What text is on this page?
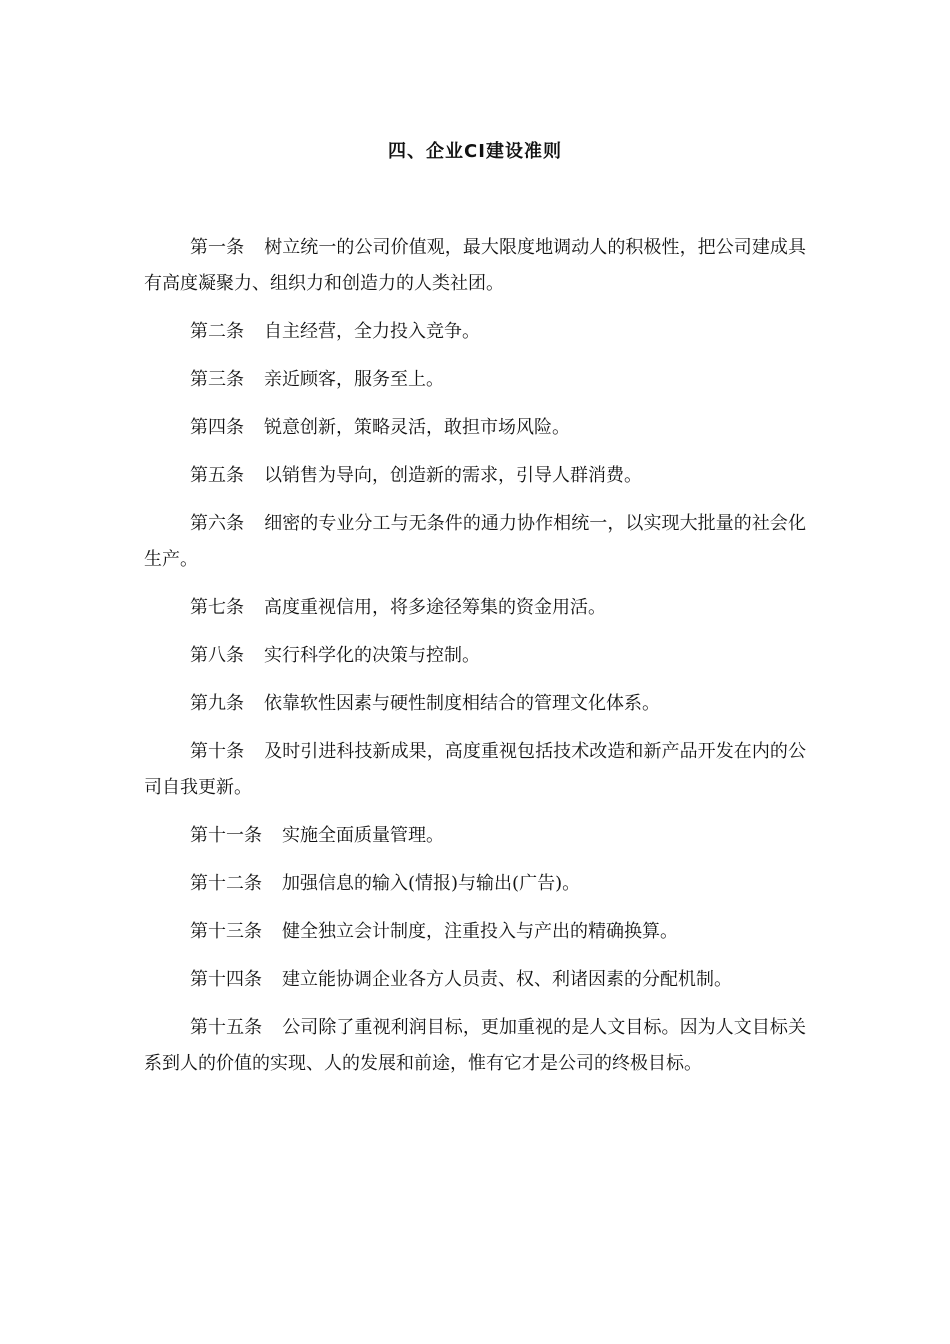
四、企业CI建设准则

第一条 树立统一的公司价值观，最大限度地调动人的积极性，把公司建成具有高度凝聚力、组织力和创造力的人类社团。

第二条 自主经营，全力投入竞争。

第三条 亲近顾客，服务至上。

第四条 锐意创新，策略灵活，敢担市场风险。

第五条 以销售为导向，创造新的需求，引导人群消费。

第六条 细密的专业分工与无条件的通力协作相统一，以实现大批量的社会化生产。

第七条 高度重视信用，将多途径筹集的资金用活。

第八条 实行科学化的决策与控制。

第九条 依靠软性因素与硬性制度相结合的管理文化体系。

第十条 及时引进科技新成果，高度重视包括技术改造和新产品开发在内的公司自我更新。

第十一条 实施全面质量管理。

第十二条 加强信息的输入(情报)与输出(广告)。

第十三条 健全独立会计制度，注重投入与产出的精确换算。

第十四条 建立能协调企业各方人员责、权、利诸因素的分配机制。

第十五条 公司除了重视利润目标，更加重视的是人文目标。因为人文目标关系到人的价值的实现、人的发展和前途，惟有它才是公司的终极目标。
